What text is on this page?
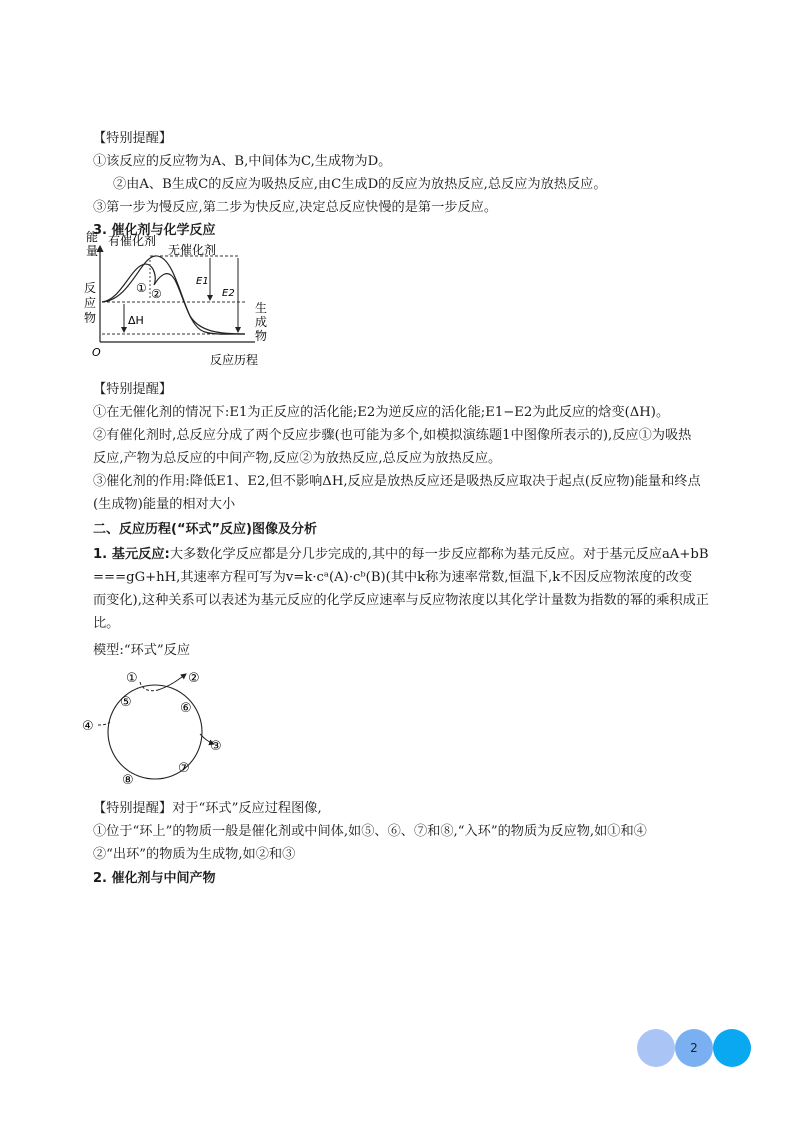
【特别提醒】
①该反应的反应物为A、B,中间体为C,生成物为D。
②由A、B生成C的反应为吸热反应,由C生成D的反应为放热反应,总反应为放热反应。
③第一步为慢反应,第二步为快反应,决定总反应快慢的是第一步反应。
3. 催化剂与化学反应
能
量
有催化剂
无催化剂
反
应
物
生
成
物
O
反应历程
① ②
E1
E2
ΔH
【特别提醒】
①在无催化剂的情况下:E1为正反应的活化能;E2为逆反应的活化能;E1−E2为此反应的焓变(ΔH)。
②有催化剂时,总反应分成了两个反应步骤(也可能为多个,如模拟演练题1中图像所表示的),反应①为吸热
反应,产物为总反应的中间产物,反应②为放热反应,总反应为放热反应。
③催化剂的作用:降低E1、E2,但不影响ΔH,反应是放热反应还是吸热反应取决于起点(反应物)能量和终点
(生成物)能量的相对大小
二、反应历程(“环式”反应)图像及分析
1. 基元反应:大多数化学反应都是分几步完成的,其中的每一步反应都称为基元反应。对于基元反应aA+bB
===gG+hH,其速率方程可写为v=k·cᵃ(A)·cᵇ(B)(其中k称为速率常数,恒温下,k不因反应物浓度的改变
而变化),这种关系可以表述为基元反应的化学反应速率与反应物浓度以其化学计量数为指数的幂的乘积成正
比。
模型:“环式”反应
①	②
⑤	⑥
④
③
⑦
⑧
【特别提醒】对于“环式”反应过程图像,
①位于“环上”的物质一般是催化剂或中间体,如⑤、⑥、⑦和⑧,“入环”的物质为反应物,如①和④
②“出环”的物质为生成物,如②和③
2. 催化剂与中间产物
2
